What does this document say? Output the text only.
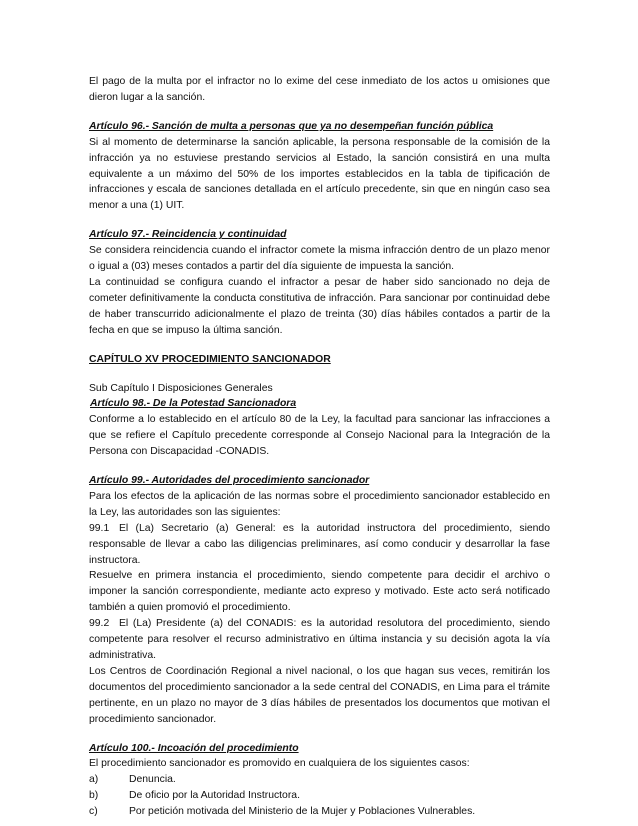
El pago de la multa por el infractor no lo exime del cese inmediato de los actos u omisiones que dieron lugar a la sanción.

Artículo 96.- Sanción de multa a personas que ya no desempeñan función pública

Si al momento de determinarse la sanción aplicable, la persona responsable de la comisión de la infracción ya no estuviese prestando servicios al Estado, la sanción consistirá en una multa equivalente a un máximo del 50% de los importes establecidos en la tabla de tipificación de infracciones y escala de sanciones detallada en el artículo precedente, sin que en ningún caso sea menor a una (1) UIT.

Artículo 97.- Reincidencia y continuidad

Se considera reincidencia cuando el infractor comete la misma infracción dentro de un plazo menor o igual a (03) meses contados a partir del día siguiente de impuesta la sanción.

La continuidad se configura cuando el infractor a pesar de haber sido sancionado no deja de cometer definitivamente la conducta constitutiva de infracción. Para sancionar por continuidad debe de haber transcurrido adicionalmente el plazo de treinta (30) días hábiles contados a partir de la fecha en que se impuso la última sanción.

CAPÍTULO XV PROCEDIMIENTO SANCIONADOR

Sub Capítulo I Disposiciones Generales

Artículo 98.- De la Potestad Sancionadora

Conforme a lo establecido en el artículo 80 de la Ley, la facultad para sancionar las infracciones a que se refiere el Capítulo precedente corresponde al Consejo Nacional para la Integración de la Persona con Discapacidad -CONADIS.

Artículo 99.- Autoridades del procedimiento sancionador

Para los efectos de la aplicación de las normas sobre el procedimiento sancionador establecido en la Ley, las autoridades son las siguientes:

99.1 El (La) Secretario (a) General: es la autoridad instructora del procedimiento, siendo responsable de llevar a cabo las diligencias preliminares, así como conducir y desarrollar la fase instructora.

Resuelve en primera instancia el procedimiento, siendo competente para decidir el archivo o imponer la sanción correspondiente, mediante acto expreso y motivado. Este acto será notificado también a quien promovió el procedimiento.

99.2 El (La) Presidente (a) del CONADIS: es la autoridad resolutora del procedimiento, siendo competente para resolver el recurso administrativo en última instancia y su decisión agota la vía administrativa.

Los Centros de Coordinación Regional a nivel nacional, o los que hagan sus veces, remitirán los documentos del procedimiento sancionador a la sede central del CONADIS, en Lima para el trámite pertinente, en un plazo no mayor de 3 días hábiles de presentados los documentos que motivan el procedimiento sancionador.

Artículo 100.- Incoación del procedimiento

El procedimiento sancionador es promovido en cualquiera de los siguientes casos:

a)	Denuncia.
b)	De oficio por la Autoridad Instructora.
c)	Por petición motivada del Ministerio de la Mujer y Poblaciones Vulnerables.
